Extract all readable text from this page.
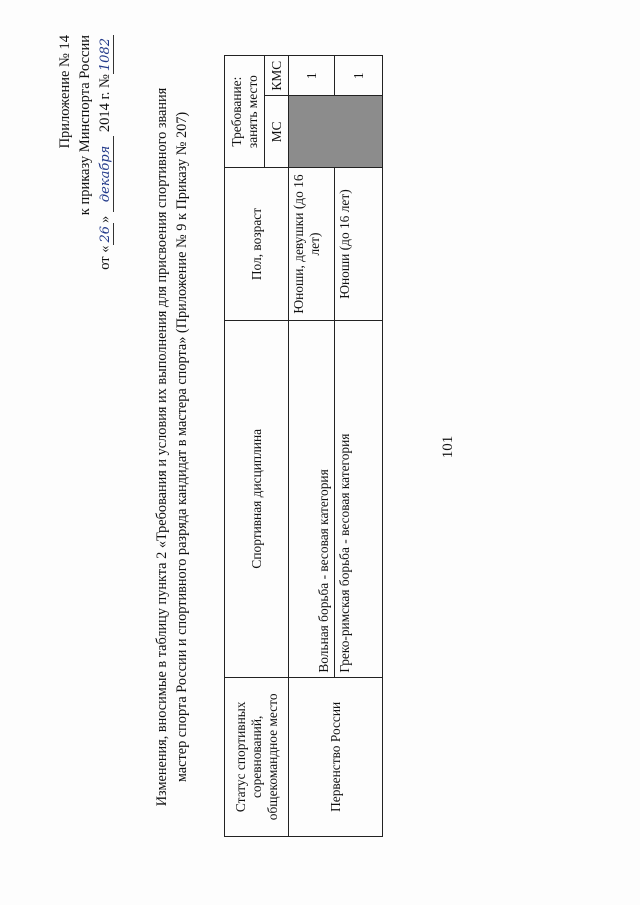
101
Приложение № 14 к приказу Минспорта России
от «26» декабря 2014 г. №1082
Изменения, вносимые в таблицу пункта 2 «Требования и условия их выполнения для присвоения спортивного звания мастер спорта России и спортивного разряда кандидат в мастера спорта» (Приложение № 9 к Приказу № 207)	Статус спортивных соревнований, общекомандное место	Спортивная дисциплина	Пол, возраст	Требование: занять место	
			МС	КМС
Первенство России	Вольная борьба - весовая категория	Юноши, девушки (до 16 лет)		1
	Греко-римская борьба - весовая категория	Юноши (до 16 лет)		1
